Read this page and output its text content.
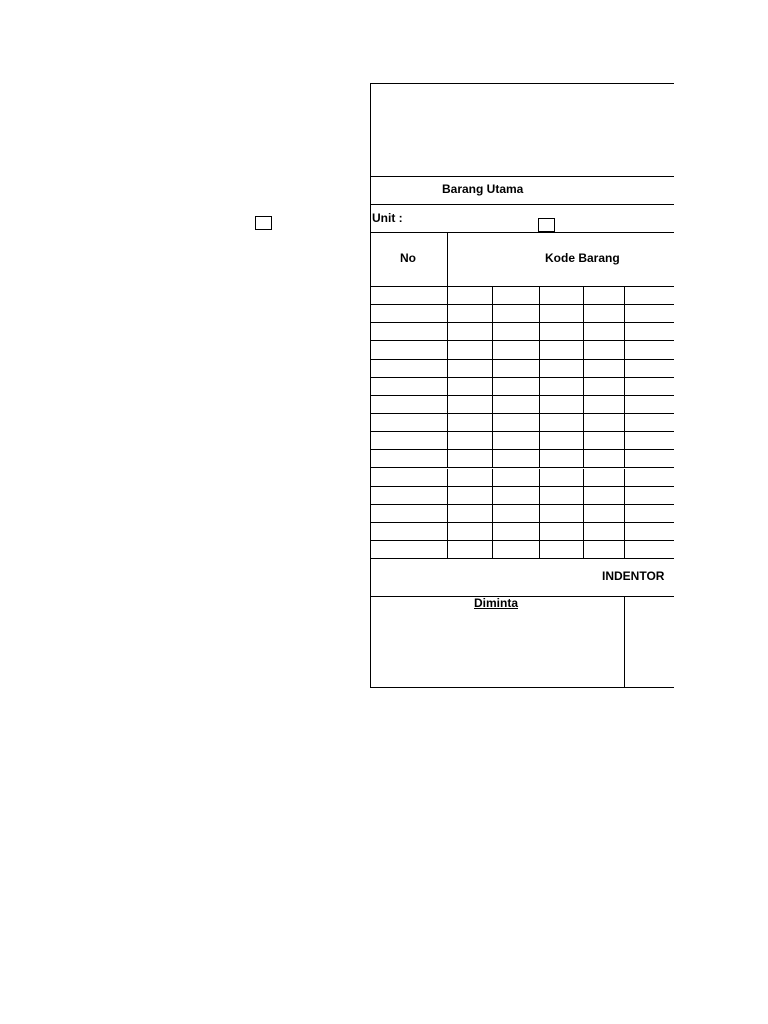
Barang Utama
Unit :
No	Kode Barang
INDENTOR
Diminta
